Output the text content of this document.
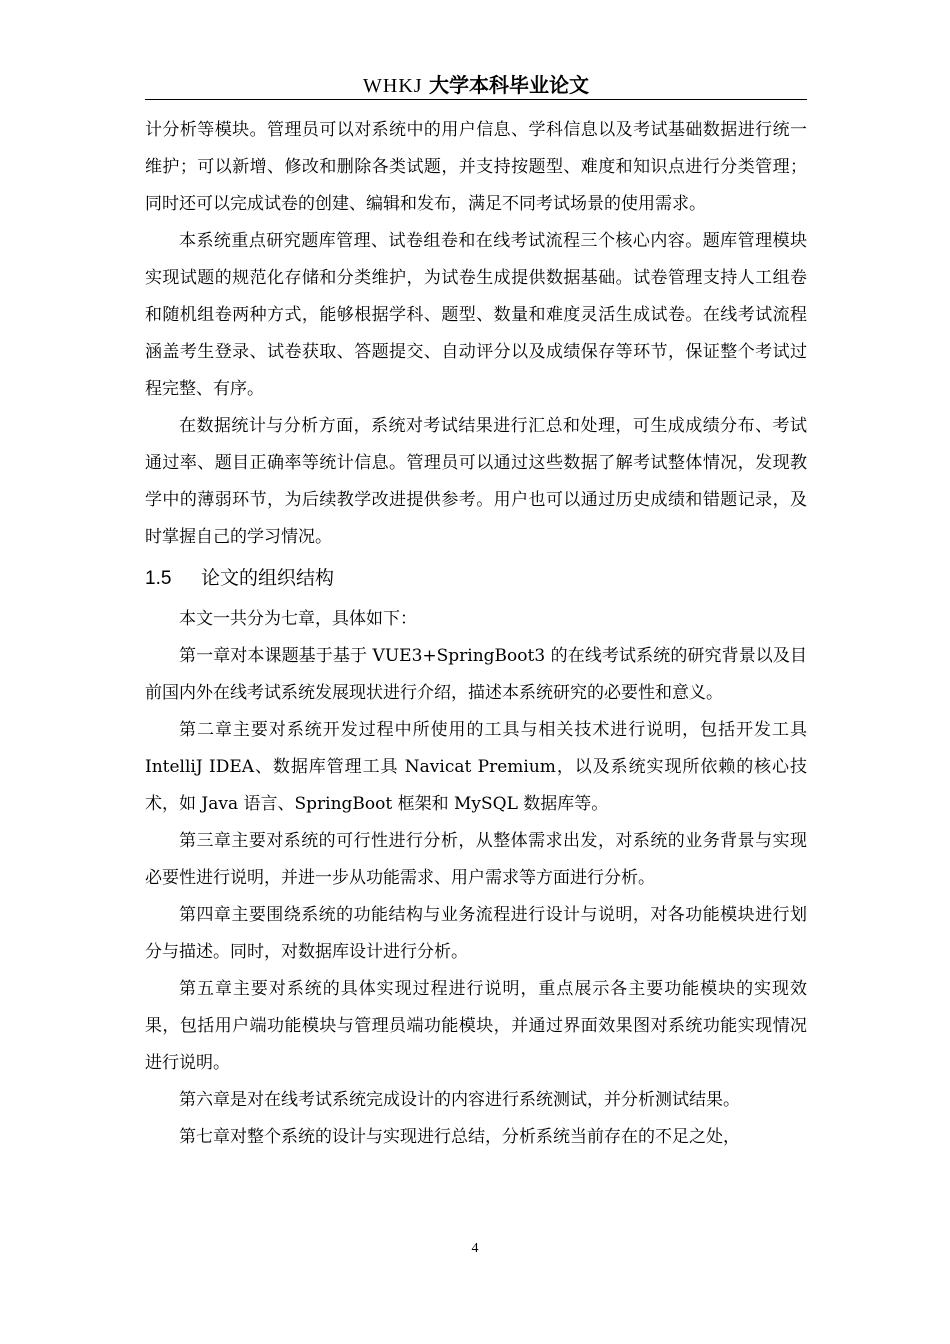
WHKJ 大学本科毕业论文

计分析等模块。管理员可以对系统中的用户信息、学科信息以及考试基础数据进行统一维护；可以新增、修改和删除各类试题，并支持按题型、难度和知识点进行分类管理；同时还可以完成试卷的创建、编辑和发布，满足不同考试场景的使用需求。

本系统重点研究题库管理、试卷组卷和在线考试流程三个核心内容。题库管理模块实现试题的规范化存储和分类维护，为试卷生成提供数据基础。试卷管理支持人工组卷和随机组卷两种方式，能够根据学科、题型、数量和难度灵活生成试卷。在线考试流程涵盖考生登录、试卷获取、答题提交、自动评分以及成绩保存等环节，保证整个考试过程完整、有序。

在数据统计与分析方面，系统对考试结果进行汇总和处理，可生成成绩分布、考试通过率、题目正确率等统计信息。管理员可以通过这些数据了解考试整体情况，发现教学中的薄弱环节，为后续教学改进提供参考。用户也可以通过历史成绩和错题记录，及时掌握自己的学习情况。

1.5 论文的组织结构

本文一共分为七章，具体如下：

第一章对本课题基于基于 VUE3+SpringBoot3 的在线考试系统的研究背景以及目前国内外在线考试系统发展现状进行介绍，描述本系统研究的必要性和意义。

第二章主要对系统开发过程中所使用的工具与相关技术进行说明，包括开发工具 IntelliJ IDEA、数据库管理工具 Navicat Premium，以及系统实现所依赖的核心技术，如 Java 语言、SpringBoot 框架和 MySQL 数据库等。

第三章主要对系统的可行性进行分析，从整体需求出发，对系统的业务背景与实现必要性进行说明，并进一步从功能需求、用户需求等方面进行分析。

第四章主要围绕系统的功能结构与业务流程进行设计与说明，对各功能模块进行划分与描述。同时，对数据库设计进行分析。

第五章主要对系统的具体实现过程进行说明，重点展示各主要功能模块的实现效果，包括用户端功能模块与管理员端功能模块，并通过界面效果图对系统功能实现情况进行说明。

第六章是对在线考试系统完成设计的内容进行系统测试，并分析测试结果。

第七章对整个系统的设计与实现进行总结，分析系统当前存在的不足之处，

4
